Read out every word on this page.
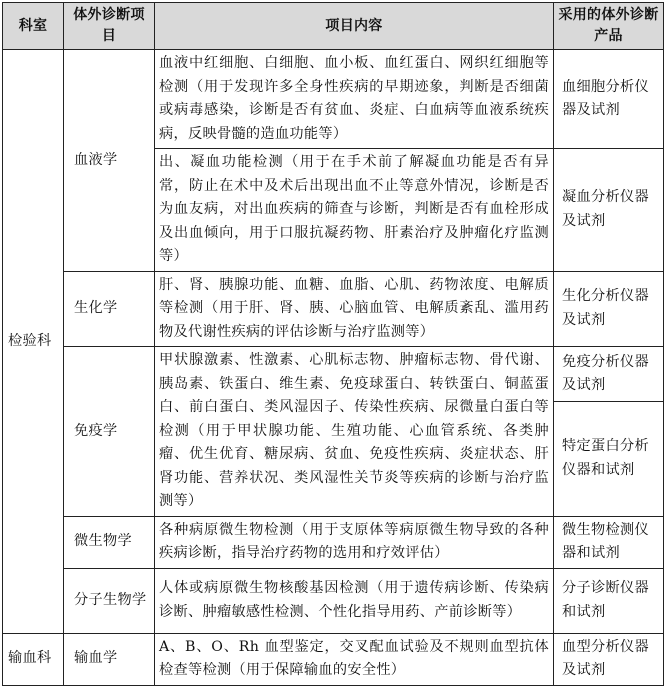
科室	体外诊断项目	项目内容	采用的体外诊断产品
检验科	血液学	血液中红细胞、白细胞、血小板、血红蛋白、网织红细胞等检测（用于发现许多全身性疾病的早期迹象，判断是否细菌或病毒感染，诊断是否有贫血、炎症、白血病等血液系统疾病，反映骨髓的造血功能等）	血细胞分析仪器及试剂
		出、凝血功能检测（用于在手术前了解凝血功能是否有异常，防止在术中及术后出现出血不止等意外情况，诊断是否为血友病，对出血疾病的筛查与诊断，判断是否有血栓形成及出血倾向，用于口服抗凝药物、肝素治疗及肿瘤化疗监测等）	凝血分析仪器及试剂
	生化学	肝、肾、胰腺功能、血糖、血脂、心肌、药物浓度、电解质等检测（用于肝、肾、胰、心脑血管、电解质紊乱、滥用药物及代谢性疾病的评估诊断与治疗监测等）	生化分析仪器及试剂
	免疫学	甲状腺激素、性激素、心肌标志物、肿瘤标志物、骨代谢、胰岛素、铁蛋白、维生素、免疫球蛋白、转铁蛋白、铜蓝蛋白、前白蛋白、类风湿因子、传染性疾病、尿微量白蛋白等检测（用于甲状腺功能、生殖功能、心血管系统、各类肿瘤、优生优育、糖尿病、贫血、免疫性疾病、炎症状态、肝肾功能、营养状况、类风湿性关节炎等疾病的诊断与治疗监测等）	免疫分析仪器及试剂
			特定蛋白分析仪器和试剂
	微生物学	各种病原微生物检测（用于支原体等病原微生物导致的各种疾病诊断，指导治疗药物的选用和疗效评估）	微生物检测仪器和试剂
	分子生物学	人体或病原微生物核酸基因检测（用于遗传病诊断、传染病诊断、肿瘤敏感性检测、个性化指导用药、产前诊断等）	分子诊断仪器和试剂
输血科	输血学	A、B、O、Rh 血型鉴定，交叉配血试验及不规则血型抗体检查等检测（用于保障输血的安全性）	血型分析仪器及试剂
